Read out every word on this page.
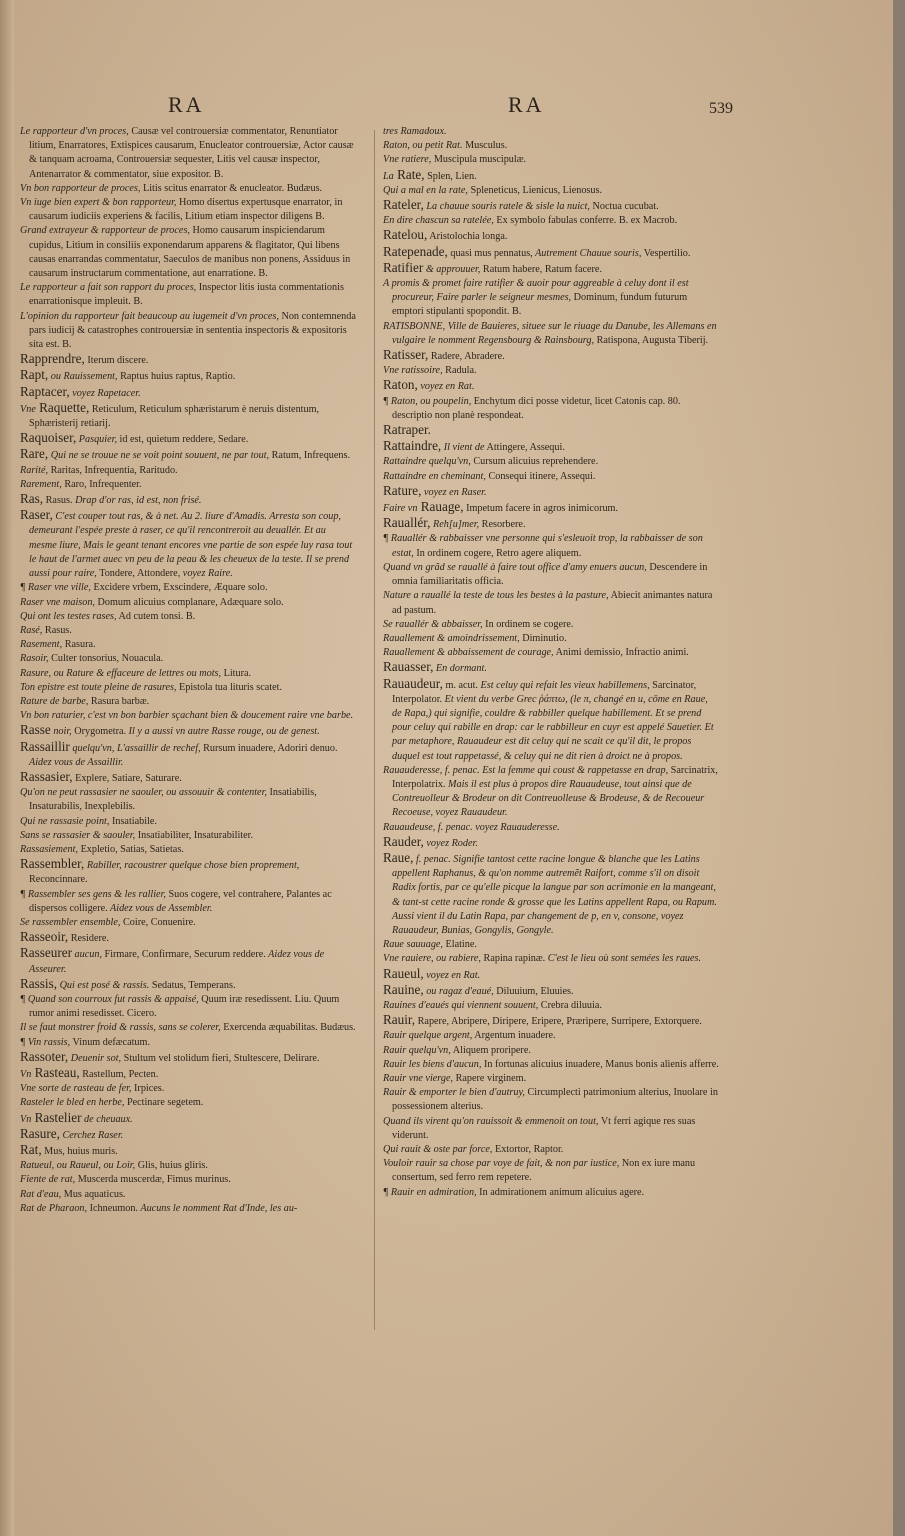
RA	RA	539

Le rapporteur d'vn proces, Causæ vel controuersiæ commentator, Renuntiator litium, Enarratores, Extispices causarum, Enucleator controuersiæ, Actor causæ & tanquam acroama, Controuersiæ sequester, Litis vel causæ inspector, Antenarrator & commentator, siue expositor. B.

Vn bon rapporteur de proces, Litis scitus enarrator & enucleator. Budæus.

Vn iuge bien expert & bon rapporteur, Homo disertus expertusque enarrator, in causarum iudiciis experiens & facilis, Litium etiam inspector diligens B.

Grand extrayeur & rapporteur de proces, Homo causarum inspiciendarum cupidus, Litium in consiliis exponendarum apparens & flagitator, Qui libens causas enarrandas commentatur, Saeculos de manibus non ponens, Assiduus in causarum instructarum commentatione, aut enarratione. B.

Le rapporteur a fait son rapport du proces, Inspector litis iusta commentationis enarrationisque impleuit. B.

L'opinion du rapporteur fait beaucoup au iugemeit d'vn proces, Non contemnenda pars iudicij & catastrophes controuersiæ in sententia inspectoris & expositoris sita est. B.

Rapprendre, Iterum discere.

Rapt, ou Rauissement, Raptus huius raptus, Raptio.

Raptacer, voyez Rapetacer.

Vne Raquette, Reticulum, Reticulum sphæristarum è neruis distentum, Sphæristerij retiarij.

Raquoiser, Pasquier, id est, quietum reddere, Sedare.

Rare, Qui ne se trouue ne se voit point souuent, ne par tout, Ratum, Infrequens.

Rarité, Raritas, Infrequentia, Raritudo.

Rarement, Raro, Infrequenter.

Ras, Rasus. Drap d'or ras, id est, non frisé.

Raser, C'est couper tout ras, & à net. Au 2. liure d'Amadis. Arresta son coup, demeurant l'espée preste à raser, ce qu'il rencontreroit au deuallér. Et au mesme liure, Mais le geant tenant encores vne partie de son espée luy rasa tout le haut de l'armet auec vn peu de la peau & les cheueux de la teste. Il se prend aussi pour raire, Tondere, Attondere, voyez Raire.

¶ Raser vne ville, Excidere vrbem, Exscindere, Æquare solo.

Raser vne maison, Domum alicuius complanare, Adæquare solo.

Qui ont les testes rases, Ad cutem tonsi. B.

Rasé, Rasus.

Rasement, Rasura.

Rasoir, Culter tonsorius, Nouacula.

Rasure, ou Rature & effaceure de lettres ou mots, Litura.

Ton epistre est toute pleine de rasures, Epistola tua lituris scatet.

Rature de barbe, Rasura barbæ.

Vn bon raturier, c'est vn bon barbier sçachant bien & doucement raire vne barbe.

Rasse noir, Orygometra. Il y a aussi vn autre Rasse rouge, ou de genest.

Rassaillir quelqu'vn, L'assaillir de rechef, Rursum inuadere, Adoriri denuo. Aidez vous de Assaillir.

Rassasier, Explere, Satiare, Saturare.

Qu'on ne peut rassasier ne saouler, ou assouuir & contenter, Insatiabilis, Insaturabilis, Inexplebilis.

Qui ne rassasie point, Insatiabile.

Sans se rassasier & saouler, Insatiabiliter, Insaturabiliter.

Rassasiement, Expletio, Satias, Satietas.

Rassembler, Rabiller, racoustrer quelque chose bien proprement, Reconcinnare.

¶ Rassembler ses gens & les rallier, Suos cogere, vel contrahere, Palantes ac dispersos colligere. Aidez vous de Assembler.

Se rassembler ensemble, Coire, Conuenire.

Rasseoir, Residere.

Rasseurer aucun, Firmare, Confirmare, Securum reddere. Aidez vous de Asseurer.

Rassis, Qui est posé & rassis. Sedatus, Temperans.

¶ Quand son courroux fut rassis & appaisé, Quum iræ resedissent. Liu. Quum rumor animi resedisset. Cicero.

Il se faut monstrer froid & rassis, sans se colerer, Exercenda æquabilitas. Budæus.

¶ Vin rassis, Vinum defæcatum.

Rassoter, Deuenir sot, Stultum vel stolidum fieri, Stultescere, Delirare.

Vn Rasteau, Rastellum, Pecten.

Vne sorte de rasteau de fer, Irpices.

Rasteler le bled en herbe, Pectinare segetem.

Vn Rastelier de cheuaux.

Rasure, Cerchez Raser.

Rat, Mus, huius muris.

Ratueul, ou Raueul, ou Loir, Glis, huius gliris.

Fiente de rat, Muscerda muscerdæ, Fimus murinus.

Rat d'eau, Mus aquaticus.

Rat de Pharaon, Ichneumon. Aucuns le nomment Rat d'Inde, les au-

tres Ramadoux.

Raton, ou petit Rat. Musculus.

Vne ratiere, Muscipula muscipulæ.

La Rate, Splen, Lien.

Qui a mal en la rate, Spleneticus, Lienicus, Lienosus.

Rateler, La chauue souris ratele & sisle la nuict, Noctua cucubat.

En dire chascun sa ratelée, Ex symbolo fabulas conferre. B. ex Macrob.

Ratelou, Aristolochia longa.

Ratepenade, quasi mus pennatus, Autrement Chauue souris, Vespertilio.

Ratifier & approuuer, Ratum habere, Ratum facere.

A promis & promet faire ratifier & auoir pour aggreable à celuy dont il est procureur, Faire parler le seigneur mesmes, Dominum, fundum futurum emptori stipulanti spopondit. B.

RATISBONNE, Ville de Bauieres, situee sur le riuage du Danube, les Allemans en vulgaire le nomment Regensbourg & Rainsbourg, Ratispona, Augusta Tiberij.

Ratisser, Radere, Abradere.

Vne ratissoire, Radula.

Raton, voyez en Rat.

¶ Raton, ou poupelin, Enchytum dici posse videtur, licet Catonis cap. 80. descriptio non planè respondeat.

Ratraper.

Rattaindre, Il vient de Attingere, Assequi.

Rattaindre quelqu'vn, Cursum alicuius reprehendere.

Rattaindre en cheminant, Consequi itinere, Assequi.

Rature, voyez en Raser.

Faire vn Rauage, Impetum facere in agros inimicorum.

Rauallér, Reh[u]mer, Resorbere.

¶ Rauallér & rabbaisser vne personne qui s'esleuoit trop, la rabbaisser de son estat, In ordinem cogere, Retro agere aliquem.

Quand vn grãd se rauallé à faire tout office d'amy enuers aucun, Descendere in omnia familiaritatis officia.

Nature a rauallé la teste de tous les bestes à la pasture, Abiecit animantes natura ad pastum.

Se rauallér & abbaisser, In ordinem se cogere.

Rauallement & amoindrissement, Diminutio.

Rauallement & abbaissement de courage, Animi demissio, Infractio animi.

Rauasser, En dormant.

Rauaudeur, m. acut. Est celuy qui refait les vieux habillemens, Sarcinator, Interpolator. Et vient du verbe Grec ῥάπτω, (le π, changé en u, cōme en Raue, de Rapa,) qui signifie, couldre & rabbiller quelque habillement. Et se prend pour celuy qui rabille en drap: car le rabbilleur en cuyr est appelé Sauetier. Et par metaphore, Rauaudeur est dit celuy qui ne scait ce qu'il dit, le propos duquel est tout rappetassé, & celuy qui ne dit rien à droict ne à propos.

Rauauderesse, f. penac. Est la femme qui coust & rappetasse en drap, Sarcinatrix, Interpolatrix. Mais il est plus à propos dire Rauaudeuse, tout ainsi que de Contreuolleur & Brodeur on dit Contreuolleuse & Brodeuse, & de Recoueur Recoeuse, voyez Rauaudeur.

Rauaudeuse, f. penac. voyez Rauauderesse.

Rauder, voyez Roder.

Raue, f. penac. Signifie tantost cette racine longue & blanche que les Latins appellent Raphanus, & qu'on nomme autremẽt Raifort, comme s'il on disoit Radix fortis, par ce qu'elle picque la langue par son acrimonie en la mangeant, & tant-st cette racine ronde & grosse que les Latins appellent Rapa, ou Rapum. Aussi vient il du Latin Rapa, par changement de p, en v, consone, voyez Rauaudeur, Bunias, Gongylis, Gongyle.

Raue sauuage, Elatine.

Vne rauiere, ou rabiere, Rapina rapinæ. C'est le lieu où sont semées les raues.

Raueul, voyez en Rat.

Rauine, ou ragaz d'eaué, Diluuium, Eluuies.

Rauines d'eaués qui viennent souuent, Crebra diluuia.

Rauir, Rapere, Abripere, Diripere, Eripere, Præripere, Surripere, Extorquere.

Rauir quelque argent, Argentum inuadere.

Rauir quelqu'vn, Aliquem proripere.

Rauir les biens d'aucun, In fortunas alicuius inuadere, Manus bonis alienis afferre.

Rauir vne vierge, Rapere virginem.

Rauir & emporter le bien d'autruy, Circumplecti patrimonium alterius, Inuolare in possessionem alterius.

Quand ils virent qu'on rauissoit & emmenoit on tout, Vt ferri agique res suas viderunt.

Qui rauit & oste par force, Extortor, Raptor.

Vouloir rauir sa chose par voye de fait, & non par iustice, Non ex iure manu consertum, sed ferro rem repetere.

¶ Rauir en admiration, In admirationem animum alicuius agere.
